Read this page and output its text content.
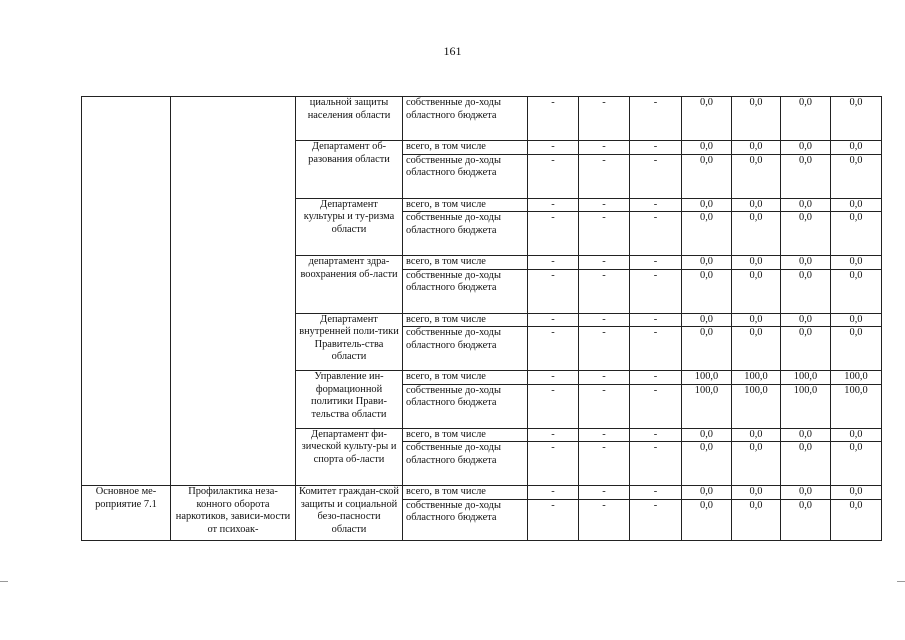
161
		циальной защиты населения области	собственные до-ходы областного бюджета	-	-	-	0,0	0,0	0,0	0,0
		Департамент об-разования области	всего, в том числе	-	-	-	0,0	0,0	0,0	0,0
			собственные до-ходы областного бюджета	-	-	-	0,0	0,0	0,0	0,0
		Департамент культуры и ту-ризма области	всего, в том числе	-	-	-	0,0	0,0	0,0	0,0
			собственные до-ходы областного бюджета	-	-	-	0,0	0,0	0,0	0,0
		департамент здра-воохранения об-ласти	всего, в том числе	-	-	-	0,0	0,0	0,0	0,0
			собственные до-ходы областного бюджета	-	-	-	0,0	0,0	0,0	0,0
		Департамент внутренней поли-тики Правитель-ства области	всего, в том числе	-	-	-	0,0	0,0	0,0	0,0
			собственные до-ходы областного бюджета	-	-	-	0,0	0,0	0,0	0,0
		Управление ин-формационной политики Прави-тельства области	всего, в том числе	-	-	-	100,0	100,0	100,0	100,0
			собственные до-ходы областного бюджета	-	-	-	100,0	100,0	100,0	100,0
		Департамент фи-зической культу-ры и спорта об-ласти	всего, в том числе	-	-	-	0,0	0,0	0,0	0,0
			собственные до-ходы областного бюджета	-	-	-	0,0	0,0	0,0	0,0
Основное ме-роприятие 7.1	Профилактика неза-конного оборота наркотиков, зависи-мости от психоак-	Комитет граждан-ской защиты и социальной безо-пасности области	всего, в том числе	-	-	-	0,0	0,0	0,0	0,0
			собственные до-ходы областного бюджета	-	-	-	0,0	0,0	0,0	0,0
